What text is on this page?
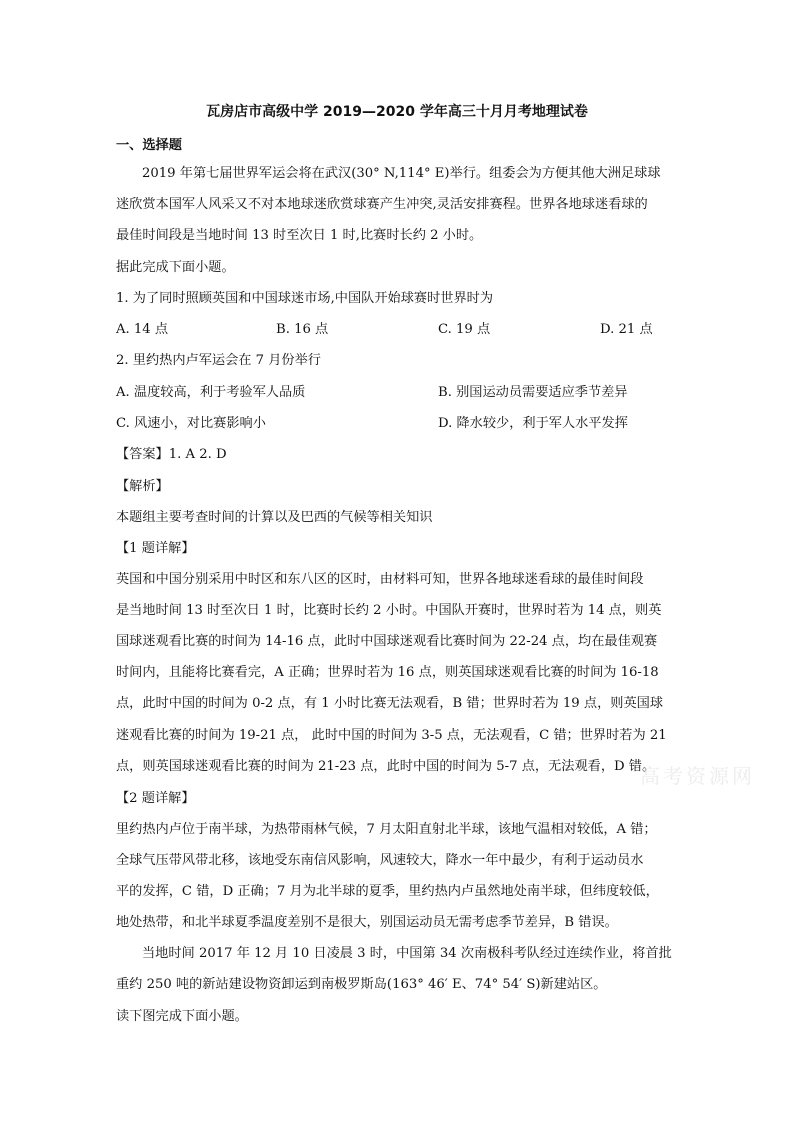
瓦房店市高级中学 2019—2020 学年高三十月月考地理试卷
一、选择题
2019 年第七届世界军运会将在武汉(30° N,114° E)举行。组委会为方便其他大洲足球球
迷欣赏本国军人风采又不对本地球迷欣赏球赛产生冲突,灵活安排赛程。世界各地球迷看球的
最佳时间段是当地时间 13 时至次日 1 时,比赛时长约 2 小时。
据此完成下面小题。
1. 为了同时照顾英国和中国球迷市场,中国队开始球赛时世界时为
A. 14 点	B. 16 点	C. 19 点	D. 21 点
2. 里约热内卢军运会在 7 月份举行
A. 温度较高，利于考验军人品质	B. 别国运动员需要适应季节差异
C. 风速小，对比赛影响小	D. 降水较少，利于军人水平发挥
【答案】1. A 2. D
【解析】
本题组主要考查时间的计算以及巴西的气候等相关知识
【1 题详解】
英国和中国分别采用中时区和东八区的区时，由材料可知，世界各地球迷看球的最佳时间段
是当地时间 13 时至次日 1 时，比赛时长约 2 小时。中国队开赛时，世界时若为 14 点，则英
国球迷观看比赛的时间为 14-16 点，此时中国球迷观看比赛时间为 22-24 点，均在最佳观赛
时间内，且能将比赛看完，A 正确；世界时若为 16 点，则英国球迷观看比赛的时间为 16-18
点，此时中国的时间为 0-2 点，有 1 小时比赛无法观看，B 错；世界时若为 19 点，则英国球
迷观看比赛的时间为 19-21 点， 此时中国的时间为 3-5 点，无法观看，C 错；世界时若为 21
点，则英国球迷观看比赛的时间为 21-23 点，此时中国的时间为 5-7 点，无法观看，D 错。
【2 题详解】
里约热内卢位于南半球，为热带雨林气候，7 月太阳直射北半球，该地气温相对较低，A 错；
全球气压带风带北移，该地受东南信风影响，风速较大，降水一年中最少，有利于运动员水
平的发挥，C 错，D 正确；7 月为北半球的夏季，里约热内卢虽然地处南半球，但纬度较低，
地处热带，和北半球夏季温度差别不是很大，别国运动员无需考虑季节差异，B 错误。
当地时间 2017 年 12 月 10 日凌晨 3 时，中国第 34 次南极科考队经过连续作业，将首批
重约 250 吨的新站建设物资卸运到南极罗斯岛(163° 46′ E、74° 54′ S)新建站区。
读下图完成下面小题。
高考资源网
